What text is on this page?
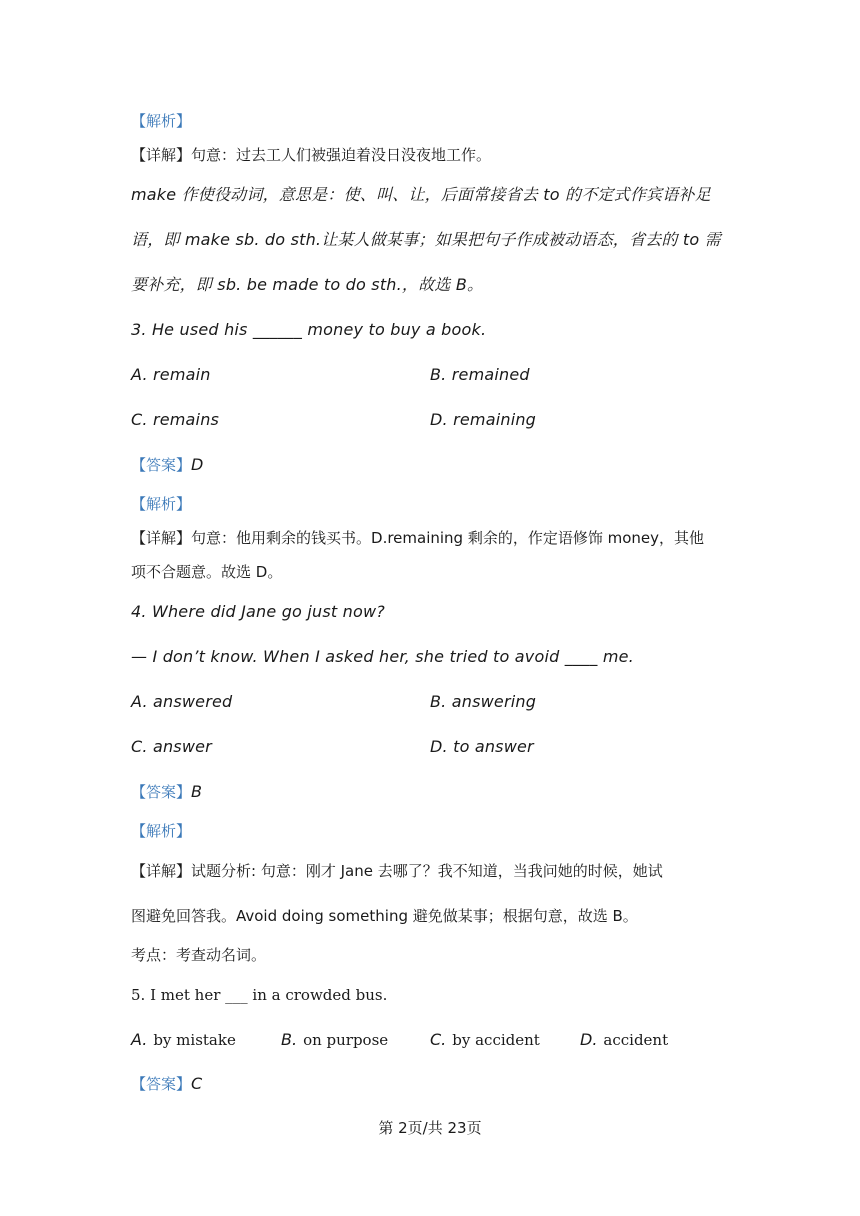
【解析】
【详解】句意：过去工人们被强迫着没日没夜地工作。
make 作使役动词，意思是：使、叫、让，后面常接省去 to 的不定式作宾语补足
语，即 make sb. do sth.让某人做某事；如果把句子作成被动语态，省去的 to 需
要补充，即 sb. be made to do sth.，故选 B。
3. He used his ______ money to buy a book.
A. remain	B. remained
C. remains	D. remaining
【答案】D
【解析】
【详解】句意：他用剩余的钱买书。D.remaining 剩余的，作定语修饰 money，其他
项不合题意。故选 D。
4. Where did Jane go just now?
— I don’t know. When I asked her, she tried to avoid ____ me.
A. answered	B. answering
C. answer	D. to answer
【答案】B
【解析】
【详解】试题分析: 句意：刚才 Jane 去哪了？我不知道，当我问她的时候，她试
图避免回答我。Avoid doing something 避免做某事；根据句意，故选 B。
考点：考查动名词。
5. I met her ___ in a crowded bus.
A. by mistake	B. on purpose	C. by accident	D. accident
【答案】C
第 2页/共 23页
